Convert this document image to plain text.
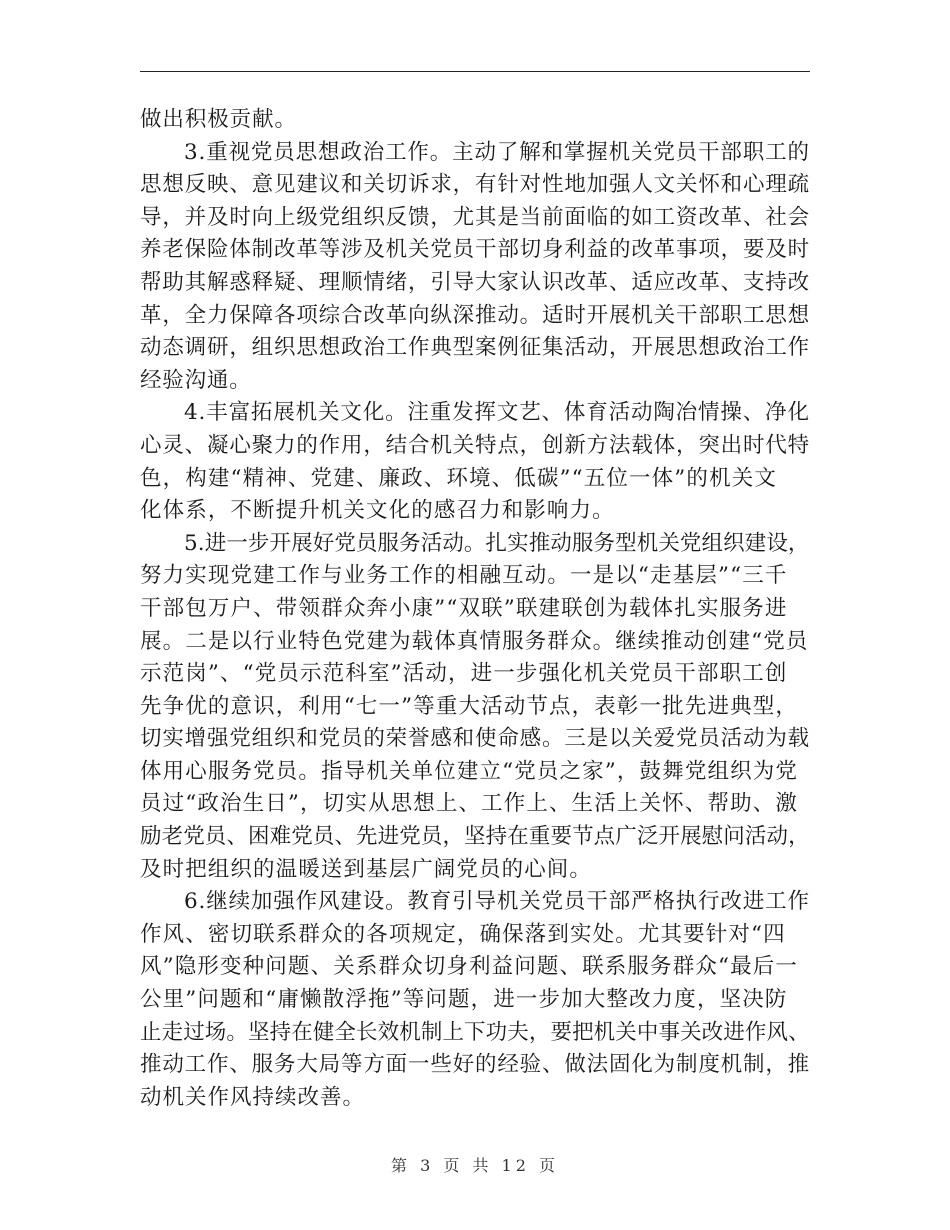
做出积极贡献。
3.重视党员思想政治工作。主动了解和掌握机关党员干部职工的
思想反映、意见建议和关切诉求，有针对性地加强人文关怀和心理疏
导，并及时向上级党组织反馈，尤其是当前面临的如工资改革、社会
养老保险体制改革等涉及机关党员干部切身利益的改革事项，要及时
帮助其解惑释疑、理顺情绪，引导大家认识改革、适应改革、支持改
革，全力保障各项综合改革向纵深推动。适时开展机关干部职工思想
动态调研，组织思想政治工作典型案例征集活动，开展思想政治工作
经验沟通。
4.丰富拓展机关文化。注重发挥文艺、体育活动陶冶情操、净化
心灵、凝心聚力的作用，结合机关特点，创新方法载体，突出时代特
色，构建“精神、党建、廉政、环境、低碳”“五位一体”的机关文
化体系，不断提升机关文化的感召力和影响力。
5.进一步开展好党员服务活动。扎实推动服务型机关党组织建设，
努力实现党建工作与业务工作的相融互动。一是以“走基层”“三千
干部包万户、带领群众奔小康”“双联”联建联创为载体扎实服务进
展。二是以行业特色党建为载体真情服务群众。继续推动创建“党员
示范岗”、“党员示范科室”活动，进一步强化机关党员干部职工创
先争优的意识，利用“七一”等重大活动节点，表彰一批先进典型，
切实增强党组织和党员的荣誉感和使命感。三是以关爱党员活动为载
体用心服务党员。指导机关单位建立“党员之家”，鼓舞党组织为党
员过“政治生日”，切实从思想上、工作上、生活上关怀、帮助、激
励老党员、困难党员、先进党员，坚持在重要节点广泛开展慰问活动，
及时把组织的温暖送到基层广阔党员的心间。
6.继续加强作风建设。教育引导机关党员干部严格执行改进工作
作风、密切联系群众的各项规定，确保落到实处。尤其要针对“四
风”隐形变种问题、关系群众切身利益问题、联系服务群众“最后一
公里”问题和“庸懒散浮拖”等问题，进一步加大整改力度，坚决防
止走过场。坚持在健全长效机制上下功夫，要把机关中事关改进作风、
推动工作、服务大局等方面一些好的经验、做法固化为制度机制，推
动机关作风持续改善。
第 3 页 共 12 页
